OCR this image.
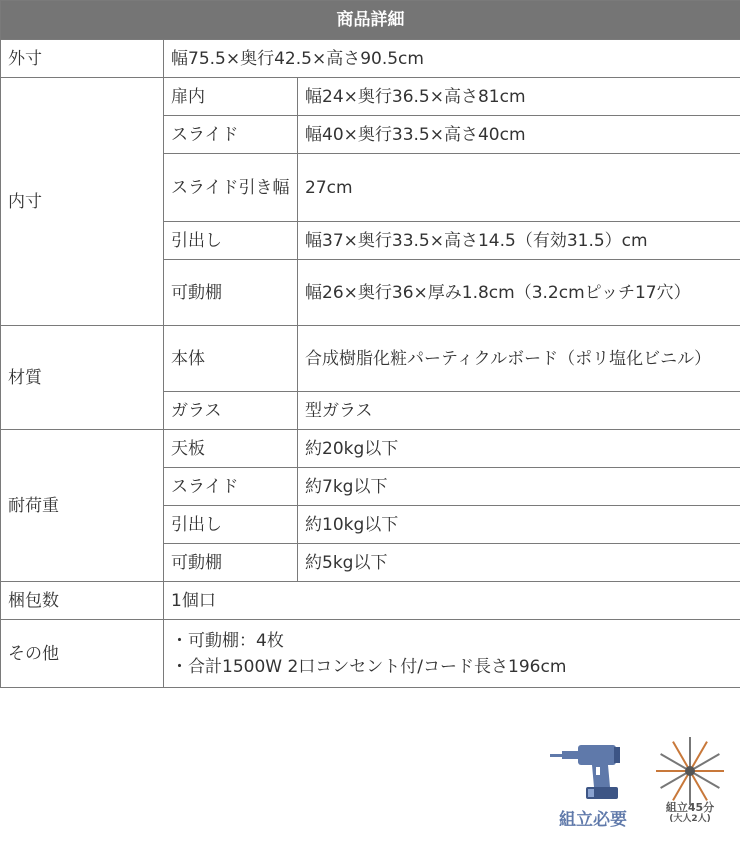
商品詳細		
外寸	幅75.5×奥行42.5×高さ90.5cm	
内寸	扉内	幅24×奥行36.5×高さ81cm
	スライド	幅40×奥行33.5×高さ40cm
	スライド引き幅	27cm
	引出し	幅37×奥行33.5×高さ14.5（有効31.5）cm
	可動棚	幅26×奥行36×厚み1.8cm（3.2cmピッチ17穴）
材質	本体	合成樹脂化粧パーティクルボード（ポリ塩化ビニル）
	ガラス	型ガラス
耐荷重	天板	約20kg以下
	スライド	約7kg以下
	引出し	約10kg以下
	可動棚	約5kg以下
梱包数	1個口	
その他	・可動棚：4枚
・合計1500W 2口コンセント付/コード長さ196cm	
組立必要
組立45分
(大人2人)
